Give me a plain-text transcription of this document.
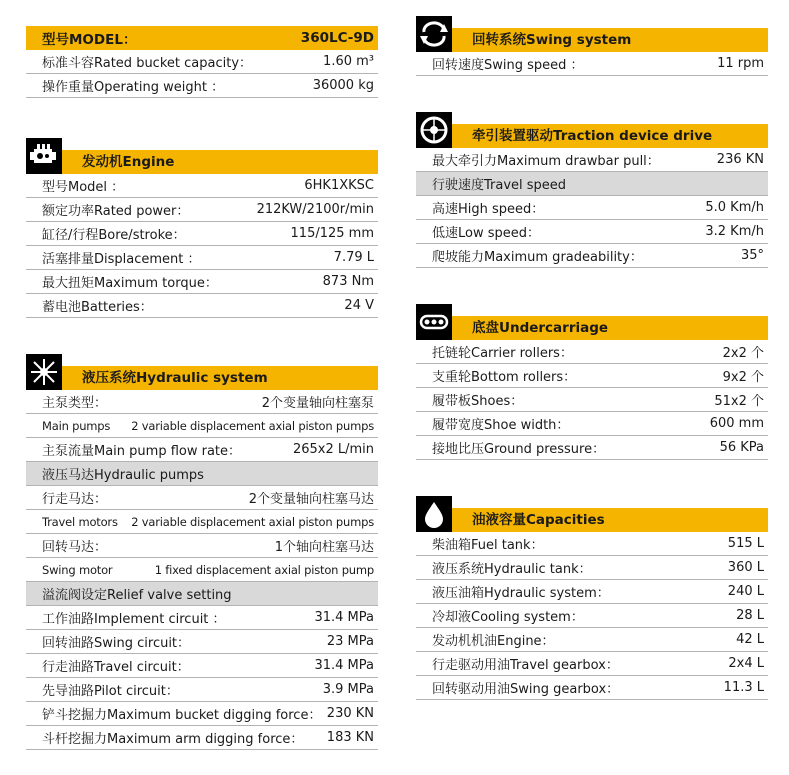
型号MODEL：	360LC-9D
标准斗容Rated bucket capacity：	1.60 m³
操作重量Operating weight ：	36000 kg
发动机Engine
型号Model ：	6HK1XKSC
额定功率Rated power：	212KW/2100r/min
缸径/行程Bore/stroke：	115/125 mm
活塞排量Displacement ：	7.79 L
最大扭矩Maximum torque：	873 Nm
蓄电池Batteries：	24 V
液压系统Hydraulic system
主泵类型：	2个变量轴向柱塞泵
Main pumps	2 variable displacement axial piston pumps
主泵流量Main pump flow rate：	265x2 L/min
液压马达Hydraulic pumps
行走马达：	2个变量轴向柱塞马达
Travel motors	2 variable displacement axial piston pumps
回转马达：	1个轴向柱塞马达
Swing motor	1 fixed displacement axial piston pump
溢流阀设定Relief valve setting
工作油路Implement circuit ：	31.4 MPa
回转油路Swing circuit：	23 MPa
行走油路Travel circuit：	31.4 MPa
先导油路Pilot circuit：	3.9 MPa
铲斗挖掘力Maximum bucket digging force： 230 KN
斗杆挖掘力Maximum arm digging force：	183 KN
回转系统Swing system
回转速度Swing speed ：	11 rpm
牵引装置驱动Traction device drive
最大牵引力Maximum drawbar pull：	236 KN
行驶速度Travel speed
高速High speed：	5.0 Km/h
低速Low speed：	3.2 Km/h
爬坡能力Maximum gradeability：	35°
底盘Undercarriage
托链轮Carrier rollers：	2x2 个
支重轮Bottom rollers：	9x2 个
履带板Shoes：	51x2 个
履带宽度Shoe width：	600 mm
接地比压Ground pressure：	56 KPa
油液容量Capacities
柴油箱Fuel tank：	515 L
液压系统Hydraulic tank：	360 L
液压油箱Hydraulic system：	240 L
冷却液Cooling system：	28 L
发动机机油Engine：	42 L
行走驱动用油Travel gearbox：	2x4 L
回转驱动用油Swing gearbox：	11.3 L
